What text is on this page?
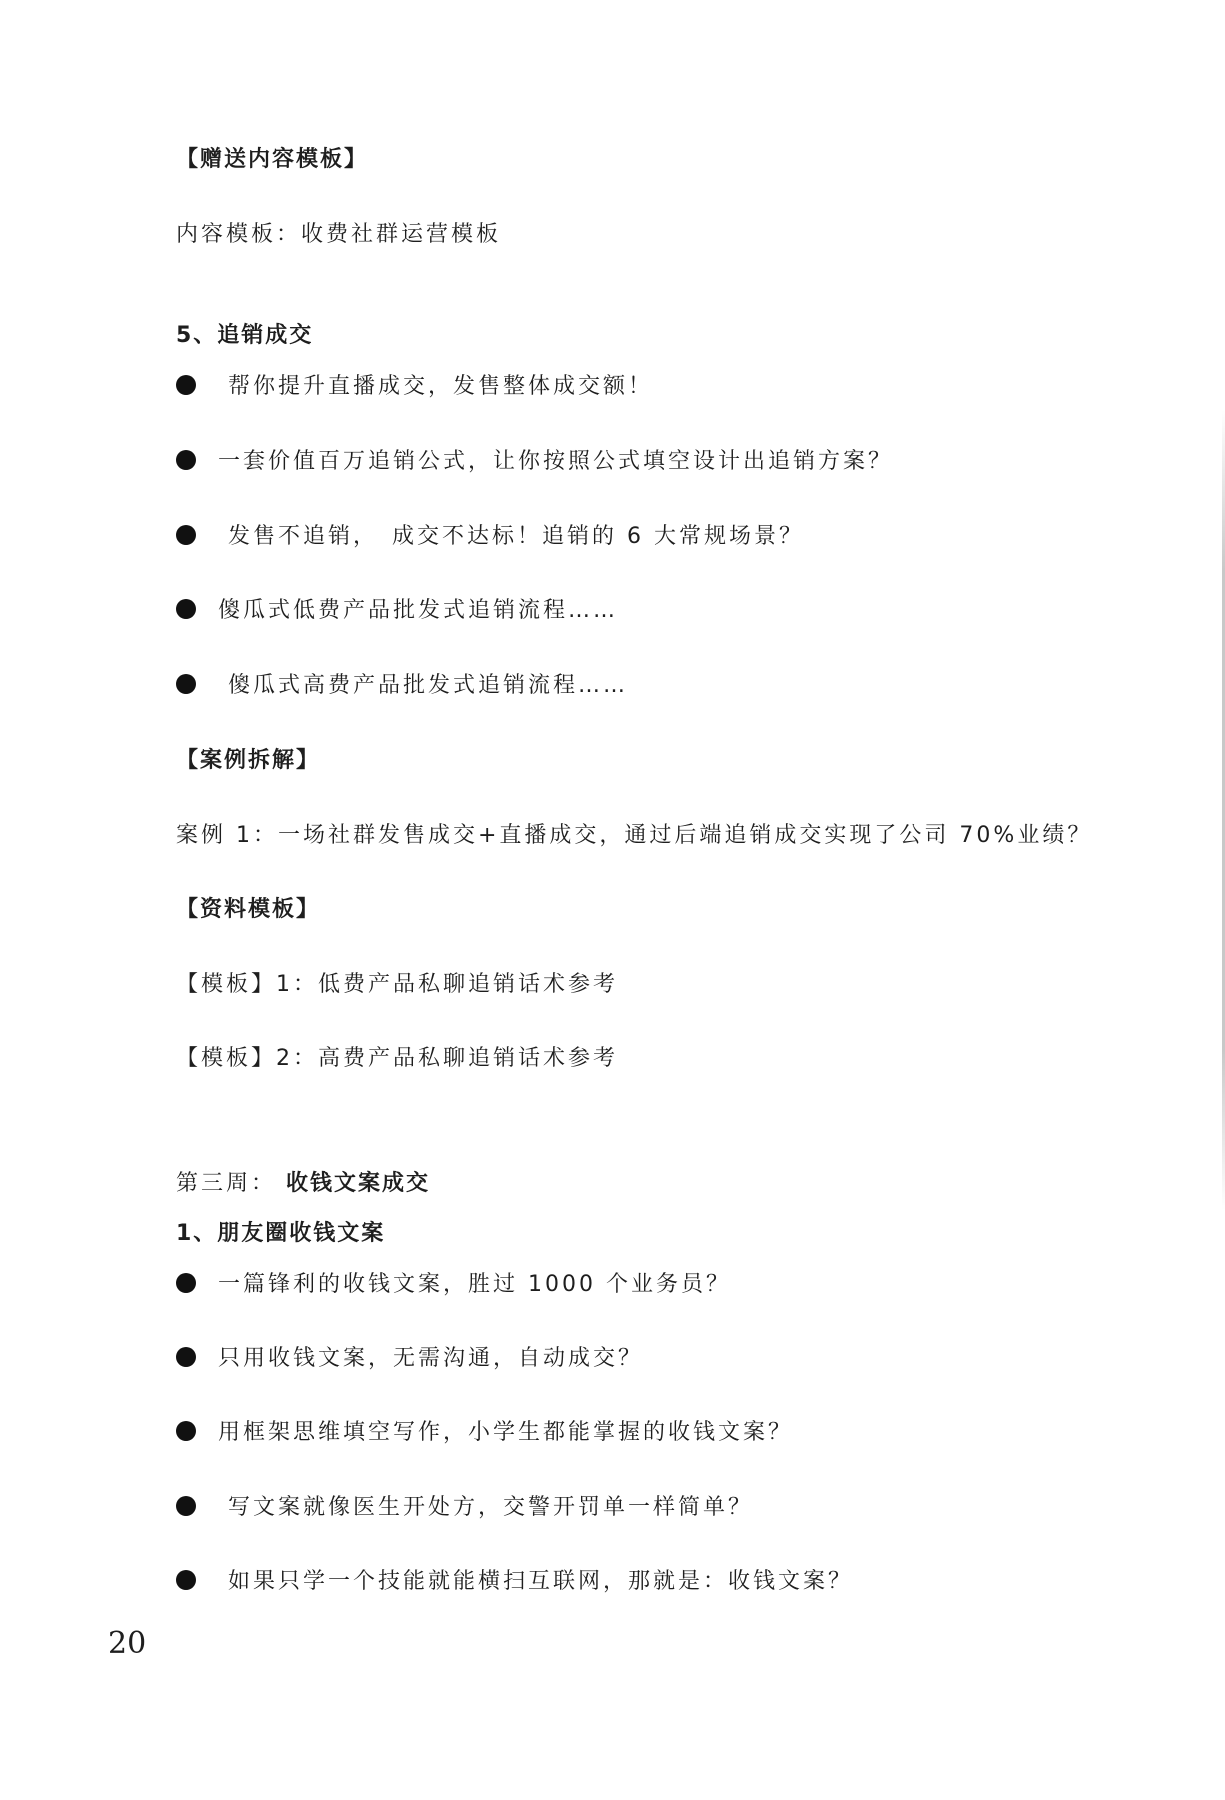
【赠送内容模板】
内容模板：收费社群运营模板
5、追销成交
帮你提升直播成交，发售整体成交额！
一套价值百万追销公式，让你按照公式填空设计出追销方案？
发售不追销，　成交不达标！追销的 6 大常规场景？
傻瓜式低费产品批发式追销流程……
傻瓜式高费产品批发式追销流程……
【案例拆解】
案例 1：一场社群发售成交+直播成交，通过后端追销成交实现了公司 70%业绩？
【资料模板】
【模板】1：低费产品私聊追销话术参考
【模板】2：高费产品私聊追销话术参考
第三周： 收钱文案成交
1、朋友圈收钱文案
一篇锋利的收钱文案，胜过 1000 个业务员？
只用收钱文案，无需沟通，自动成交？
用框架思维填空写作，小学生都能掌握的收钱文案？
写文案就像医生开处方，交警开罚单一样简单？
如果只学一个技能就能横扫互联网，那就是：收钱文案？
20
